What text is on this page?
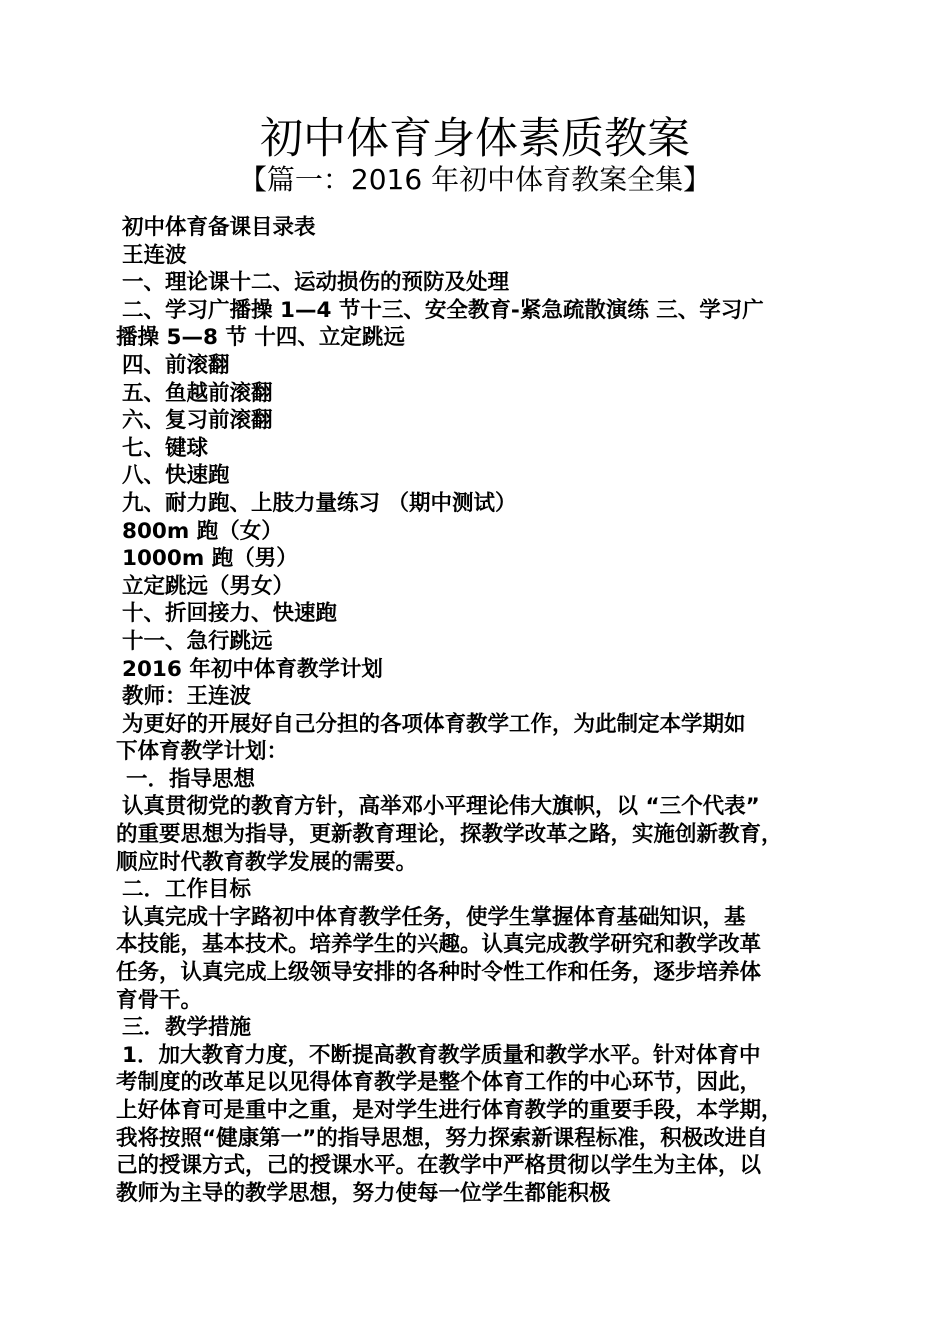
初中体育身体素质教案
【篇一：2016 年初中体育教案全集】
初中体育备课目录表
王连波
一、理论课十二、运动损伤的预防及处理
二、学习广播操 1—4 节十三、安全教育-紧急疏散演练 三、学习广
播操 5—8 节 十四、立定跳远
四、前滚翻
五、鱼越前滚翻
六、复习前滚翻
七、键球
八、快速跑
九、耐力跑、上肢力量练习 （期中测试）
800m 跑（女）
1000m 跑（男）
立定跳远（男女）
十、折回接力、快速跑
十一、急行跳远
2016 年初中体育教学计划
教师：王连波
为更好的开展好自己分担的各项体育教学工作，为此制定本学期如
下体育教学计划：
一．指导思想
认真贯彻党的教育方针，高举邓小平理论伟大旗帜，以 “三个代表”
的重要思想为指导，更新教育理论，探教学改革之路，实施创新教育，
顺应时代教育教学发展的需要。
二．工作目标
认真完成十字路初中体育教学任务，使学生掌握体育基础知识，基
本技能，基本技术。培养学生的兴趣。认真完成教学研究和教学改革
任务，认真完成上级领导安排的各种时令性工作和任务，逐步培养体
育骨干。
三．教学措施
1．加大教育力度，不断提高教育教学质量和教学水平。针对体育中
考制度的改革足以见得体育教学是整个体育工作的中心环节，因此，
上好体育可是重中之重，是对学生进行体育教学的重要手段，本学期，
我将按照“健康第一”的指导思想，努力探索新课程标准，积极改进自
己的授课方式，己的授课水平。在教学中严格贯彻以学生为主体，以
教师为主导的教学思想，努力使每一位学生都能积极
